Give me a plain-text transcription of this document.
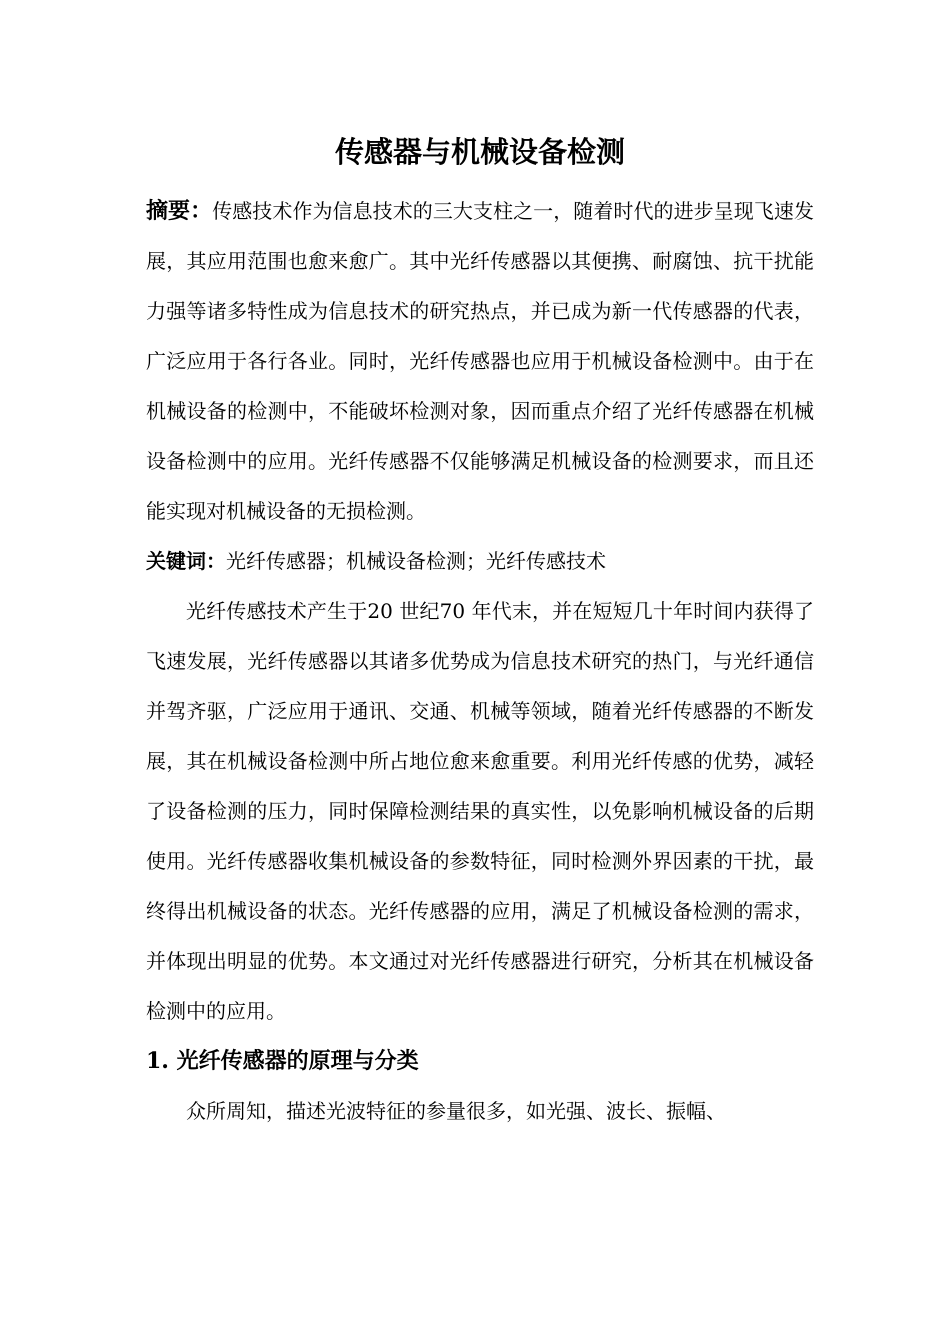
传感器与机械设备检测

摘要：传感技术作为信息技术的三大支柱之一，随着时代的进步呈现飞速发展，其应用范围也愈来愈广。其中光纤传感器以其便携、耐腐蚀、抗干扰能力强等诸多特性成为信息技术的研究热点，并已成为新一代传感器的代表，广泛应用于各行各业。同时，光纤传感器也应用于机械设备检测中。由于在机械设备的检测中，不能破坏检测对象，因而重点介绍了光纤传感器在机械设备检测中的应用。光纤传感器不仅能够满足机械设备的检测要求，而且还能实现对机械设备的无损检测。

关键词：光纤传感器；机械设备检测；光纤传感技术

光纤传感技术产生于20 世纪70 年代末，并在短短几十年时间内获得了飞速发展，光纤传感器以其诸多优势成为信息技术研究的热门，与光纤通信并驾齐驱，广泛应用于通讯、交通、机械等领域，随着光纤传感器的不断发展，其在机械设备检测中所占地位愈来愈重要。利用光纤传感的优势，减轻了设备检测的压力，同时保障检测结果的真实性，以免影响机械设备的后期使用。光纤传感器收集机械设备的参数特征，同时检测外界因素的干扰，最终得出机械设备的状态。光纤传感器的应用，满足了机械设备检测的需求，并体现出明显的优势。本文通过对光纤传感器进行研究，分析其在机械设备检测中的应用。

1. 光纤传感器的原理与分类

众所周知，描述光波特征的参量很多，如光强、波长、振幅、
